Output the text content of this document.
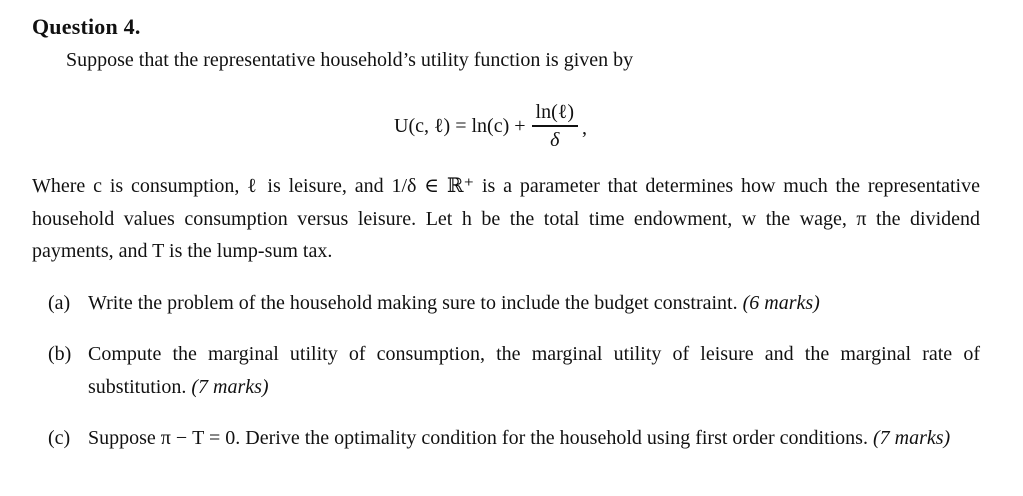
Question 4.
Suppose that the representative household’s utility function is given by
U(c, ℓ) = $\ln(c) + \frac{\text{ln(ℓ)}}{\delta}$ ,
Where c is consumption, ℓ is leisure, and 1/δ ∈ ℝ⁺ is a parameter that determines how much the representative household values consumption versus leisure. Let h be the total time endowment, w the wage, π the dividend payments, and T is the lump-sum tax.
(a) Write the problem of the household making sure to include the budget constraint. (6 marks)
(b) Compute the marginal utility of consumption, the marginal utility of leisure and the marginal rate of substitution. (7 marks)
(c) Suppose π − T = 0. Derive the optimality condition for the household using first order conditions. (7 marks)
